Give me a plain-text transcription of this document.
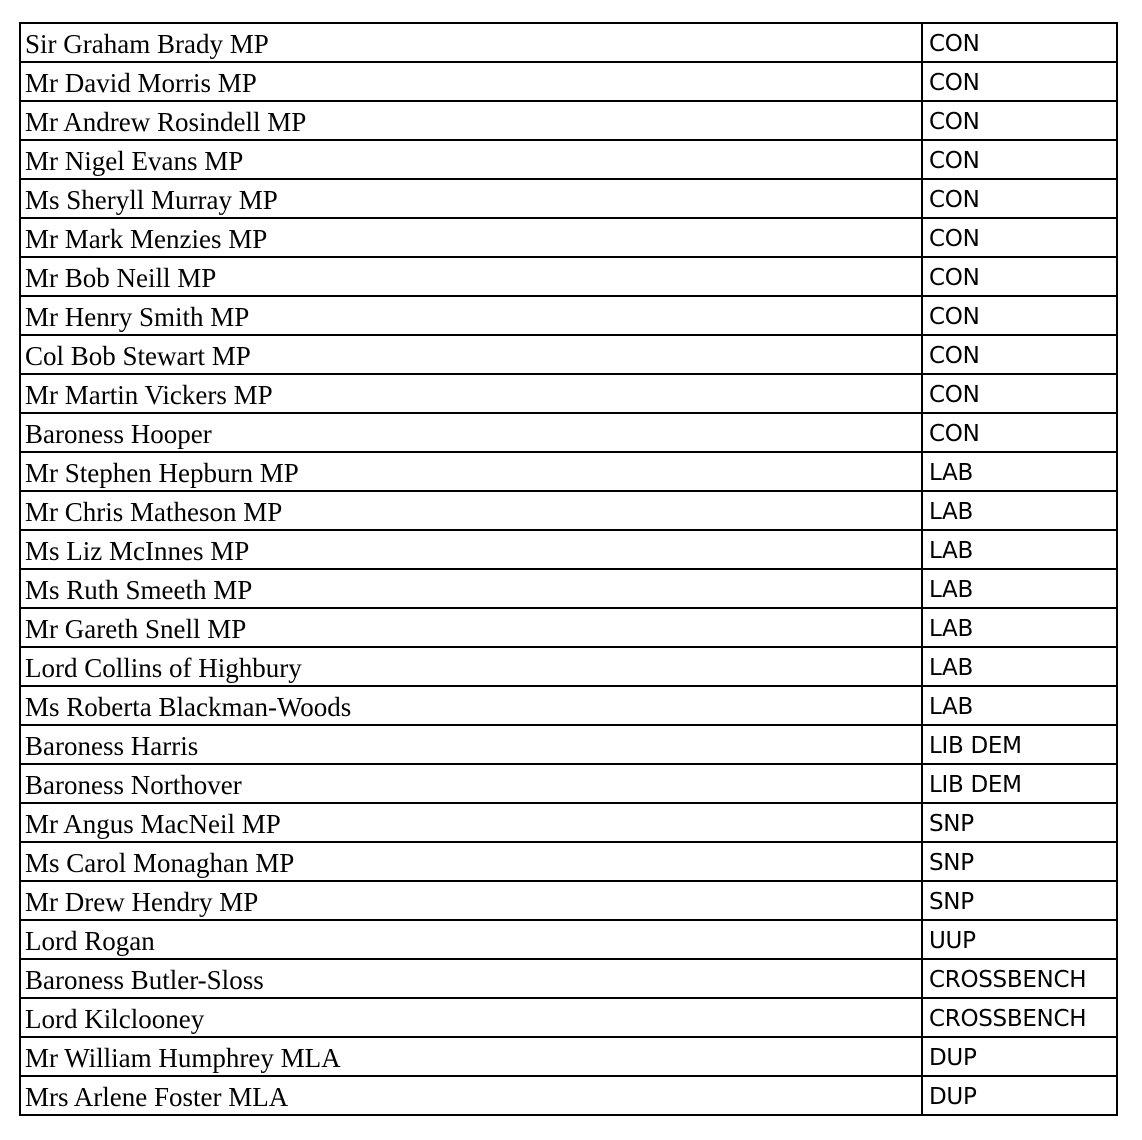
Sir Graham Brady MP	CON
Mr David Morris MP	CON
Mr Andrew Rosindell MP	CON
Mr Nigel Evans MP	CON
Ms Sheryll Murray MP	CON
Mr Mark Menzies MP	CON
Mr Bob Neill MP	CON
Mr Henry Smith MP	CON
Col Bob Stewart MP	CON
Mr Martin Vickers MP	CON
Baroness Hooper	CON
Mr Stephen Hepburn MP	LAB
Mr Chris Matheson MP	LAB
Ms Liz McInnes MP	LAB
Ms Ruth Smeeth MP	LAB
Mr Gareth Snell MP	LAB
Lord Collins of Highbury	LAB
Ms Roberta Blackman-Woods	LAB
Baroness Harris	LIB DEM
Baroness Northover	LIB DEM
Mr Angus MacNeil MP	SNP
Ms Carol Monaghan MP	SNP
Mr Drew Hendry MP	SNP
Lord Rogan	UUP
Baroness Butler-Sloss	CROSSBENCH
Lord Kilclooney	CROSSBENCH
Mr William Humphrey MLA	DUP
Mrs Arlene Foster MLA	DUP
